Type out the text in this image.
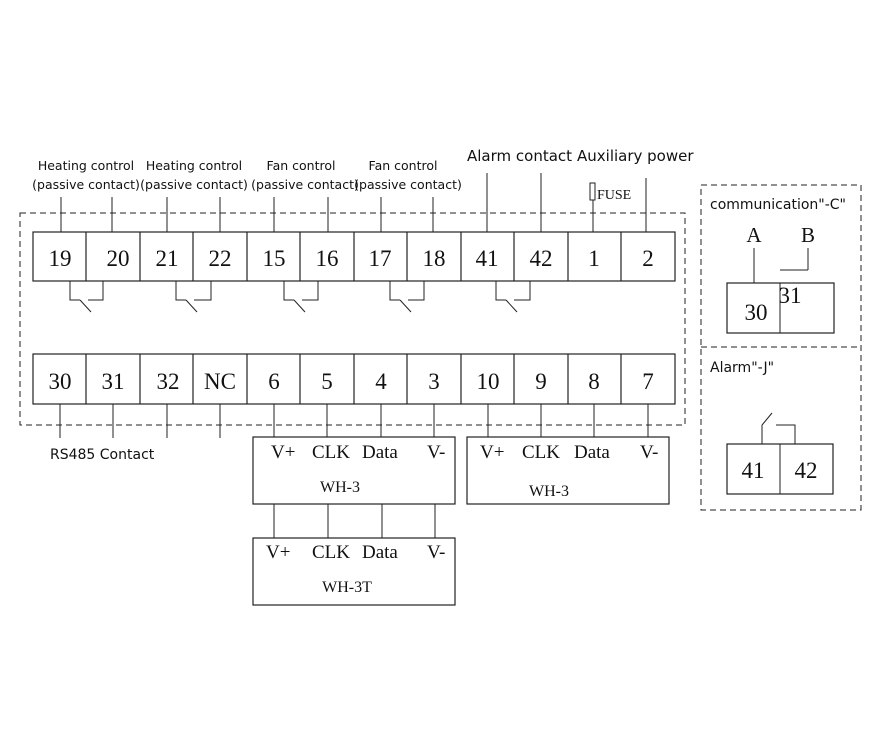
Heating control
(passive contact)
Heating control
(passive contact)
Fan control
(passive contact)
Fan control
(passive contact)
Alarm contact Auxiliary power
FUSE
19 20 21 22 15 16 17 18 41 42 1 2
30 31 32 NC 6 5 4 3 10 9 8 7
RS485 Contact	V+ CLK Data V-
WH-3
V+ CLK Data V-
WH-3
V+ CLK Data V-
WH-3T
communication"-C"
A B
30
31
Alarm"-J"
41 42
